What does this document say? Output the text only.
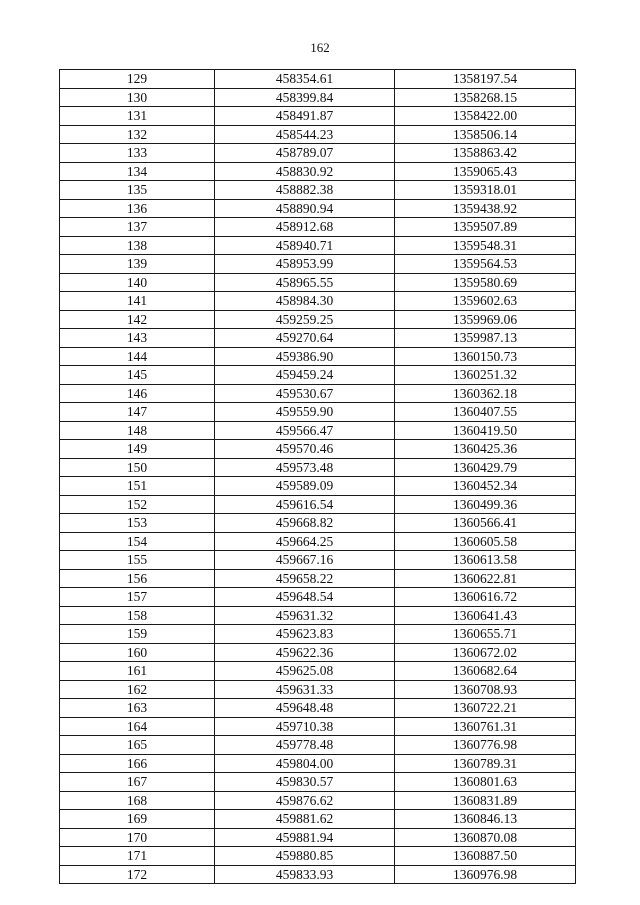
162
129	458354.61	1358197.54
130	458399.84	1358268.15
131	458491.87	1358422.00
132	458544.23	1358506.14
133	458789.07	1358863.42
134	458830.92	1359065.43
135	458882.38	1359318.01
136	458890.94	1359438.92
137	458912.68	1359507.89
138	458940.71	1359548.31
139	458953.99	1359564.53
140	458965.55	1359580.69
141	458984.30	1359602.63
142	459259.25	1359969.06
143	459270.64	1359987.13
144	459386.90	1360150.73
145	459459.24	1360251.32
146	459530.67	1360362.18
147	459559.90	1360407.55
148	459566.47	1360419.50
149	459570.46	1360425.36
150	459573.48	1360429.79
151	459589.09	1360452.34
152	459616.54	1360499.36
153	459668.82	1360566.41
154	459664.25	1360605.58
155	459667.16	1360613.58
156	459658.22	1360622.81
157	459648.54	1360616.72
158	459631.32	1360641.43
159	459623.83	1360655.71
160	459622.36	1360672.02
161	459625.08	1360682.64
162	459631.33	1360708.93
163	459648.48	1360722.21
164	459710.38	1360761.31
165	459778.48	1360776.98
166	459804.00	1360789.31
167	459830.57	1360801.63
168	459876.62	1360831.89
169	459881.62	1360846.13
170	459881.94	1360870.08
171	459880.85	1360887.50
172	459833.93	1360976.98
